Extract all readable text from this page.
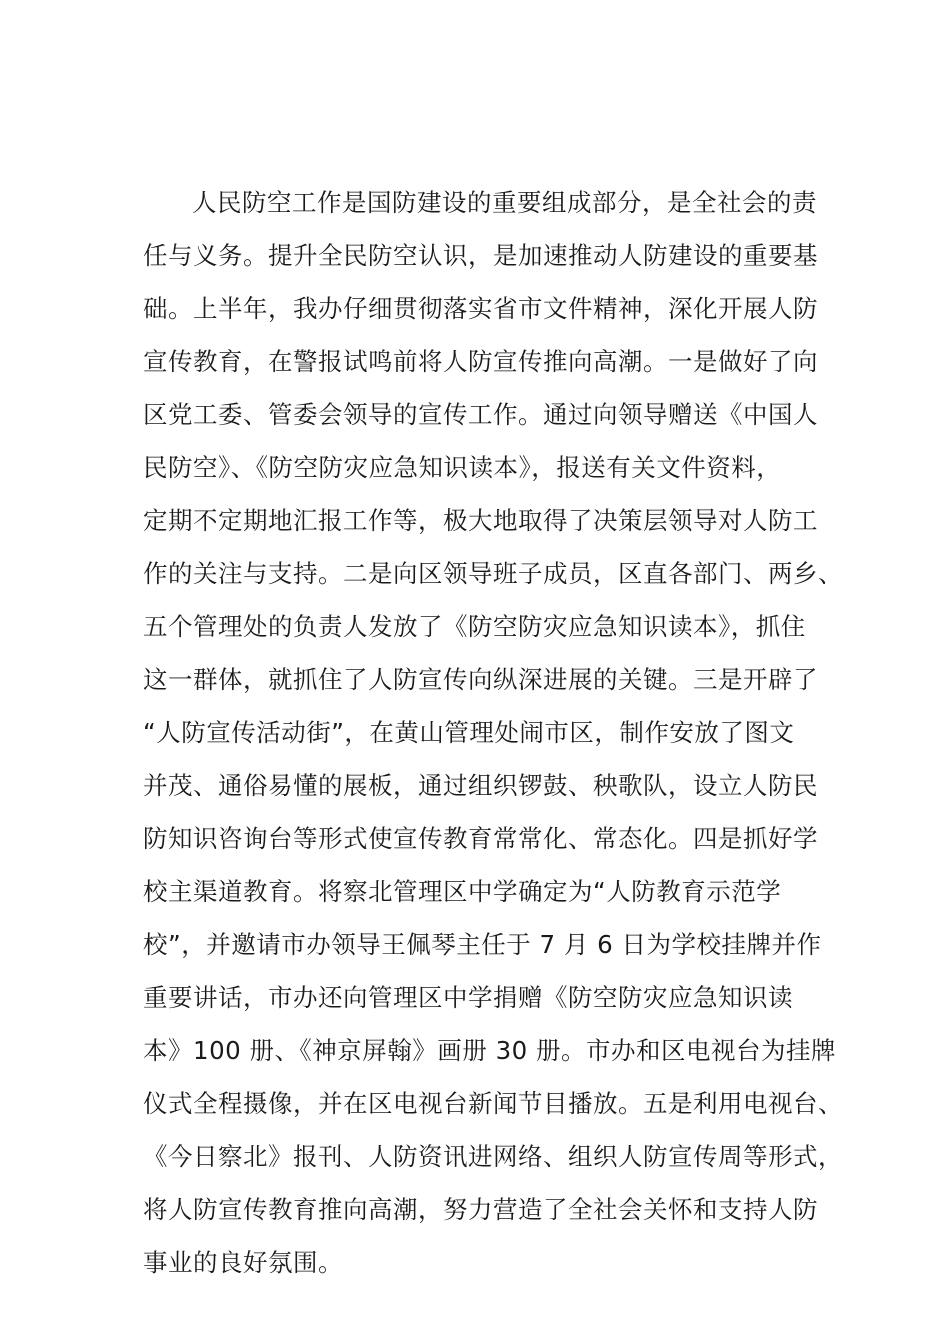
人民防空工作是国防建设的重要组成部分，是全社会的责
任与义务。提升全民防空认识，是加速推动人防建设的重要基
础。上半年，我办仔细贯彻落实省市文件精神，深化开展人防
宣传教育，在警报试鸣前将人防宣传推向高潮。一是做好了向
区党工委、管委会领导的宣传工作。通过向领导赠送《中国人
民防空》、《防空防灾应急知识读本》，报送有关文件资料，
定期不定期地汇报工作等，极大地取得了决策层领导对人防工
作的关注与支持。二是向区领导班子成员，区直各部门、两乡、
五个管理处的负责人发放了《防空防灾应急知识读本》，抓住
这一群体，就抓住了人防宣传向纵深进展的关键。三是开辟了
“人防宣传活动街”，在黄山管理处闹市区，制作安放了图文
并茂、通俗易懂的展板，通过组织锣鼓、秧歌队，设立人防民
防知识咨询台等形式使宣传教育常常化、常态化。四是抓好学
校主渠道教育。将察北管理区中学确定为“人防教育示范学
校”，并邀请市办领导王佩琴主任于 7 月 6 日为学校挂牌并作
重要讲话，市办还向管理区中学捐赠《防空防灾应急知识读
本》100 册、《神京屏翰》画册 30 册。市办和区电视台为挂牌
仪式全程摄像，并在区电视台新闻节目播放。五是利用电视台、
《今日察北》报刊、人防资讯进网络、组织人防宣传周等形式，
将人防宣传教育推向高潮，努力营造了全社会关怀和支持人防
事业的良好氛围。
